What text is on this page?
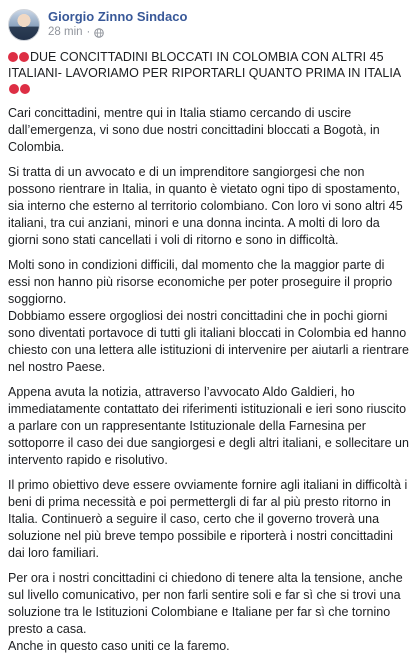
Giorgio Zinno Sindaco
28 min ·

DUE CONCITTADINI BLOCCATI IN COLOMBIA CON ALTRI 45 ITALIANI- LAVORIAMO PER RIPORTARLI QUANTO PRIMA IN ITALIA

Cari concittadini, mentre qui in Italia stiamo cercando di uscire dall’emergenza, vi sono due nostri concittadini bloccati a Bogotà, in Colombia.

Si tratta di un avvocato e di un imprenditore sangiorgesi che non possono rientrare in Italia, in quanto è vietato ogni tipo di spostamento, sia interno che esterno al territorio colombiano. Con loro vi sono altri 45 italiani, tra cui anziani, minori e una donna incinta. A molti di loro da giorni sono stati cancellati i voli di ritorno e sono in difficoltà.

Molti sono in condizioni difficili, dal momento che la maggior parte di essi non hanno più risorse economiche per poter proseguire il proprio soggiorno.

Dobbiamo essere orgogliosi dei nostri concittadini che in pochi giorni sono diventati portavoce di tutti gli italiani bloccati in Colombia ed hanno chiesto con una lettera alle istituzioni di intervenire per aiutarli a rientrare nel nostro Paese.

Appena avuta la notizia, attraverso l’avvocato Aldo Galdieri, ho immediatamente contattato dei riferimenti istituzionali e ieri sono riuscito a parlare con un rappresentante Istituzionale della Farnesina per sottoporre il caso dei due sangiorgesi e degli altri italiani, e sollecitare un intervento rapido e risolutivo.

Il primo obiettivo deve essere ovviamente fornire agli italiani in difficoltà i beni di prima necessità e poi permettergli di far al più presto ritorno in Italia. Continuerò a seguire il caso, certo che il governo troverà una soluzione nel più breve tempo possibile e riporterà i nostri concittadini dai loro familiari.

Per ora i nostri concittadini ci chiedono di tenere alta la tensione, anche sul livello comunicativo, per non farli sentire soli e far sì che si trovi una soluzione tra le Istituzioni Colombiane e Italiane per far sì che tornino presto a casa.

Anche in questo caso uniti ce la faremo.
